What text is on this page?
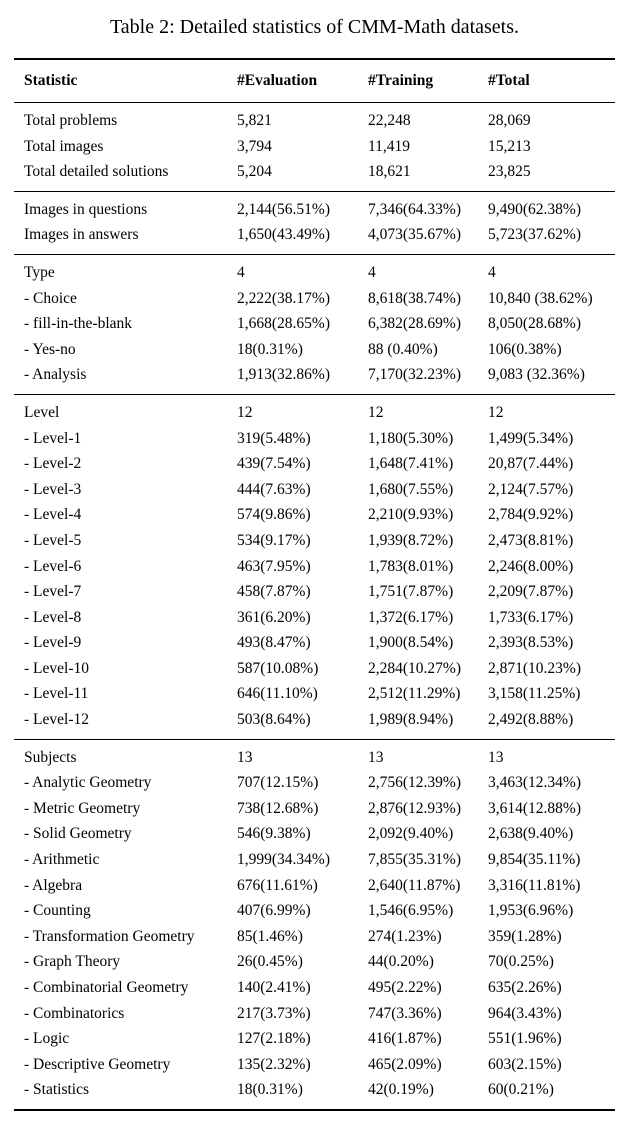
Table 2: Detailed statistics of CMM-Math datasets.
Statistic	#Evaluation	#Training	#Total
Total problems	5,821	22,248	28,069
Total images	3,794	11,419	15,213
Total detailed solutions	5,204	18,621	23,825
Images in questions	2,144(56.51%)	7,346(64.33%)	9,490(62.38%)
Images in answers	1,650(43.49%)	4,073(35.67%)	5,723(37.62%)
Type	4	4	4
- Choice	2,222(38.17%)	8,618(38.74%)	10,840 (38.62%)
- fill-in-the-blank	1,668(28.65%)	6,382(28.69%)	8,050(28.68%)
- Yes-no	18(0.31%)	88 (0.40%)	106(0.38%)
- Analysis	1,913(32.86%)	7,170(32.23%)	9,083 (32.36%)
Level	12	12	12
- Level-1	319(5.48%)	1,180(5.30%)	1,499(5.34%)
- Level-2	439(7.54%)	1,648(7.41%)	20,87(7.44%)
- Level-3	444(7.63%)	1,680(7.55%)	2,124(7.57%)
- Level-4	574(9.86%)	2,210(9.93%)	2,784(9.92%)
- Level-5	534(9.17%)	1,939(8.72%)	2,473(8.81%)
- Level-6	463(7.95%)	1,783(8.01%)	2,246(8.00%)
- Level-7	458(7.87%)	1,751(7.87%)	2,209(7.87%)
- Level-8	361(6.20%)	1,372(6.17%)	1,733(6.17%)
- Level-9	493(8.47%)	1,900(8.54%)	2,393(8.53%)
- Level-10	587(10.08%)	2,284(10.27%)	2,871(10.23%)
- Level-11	646(11.10%)	2,512(11.29%)	3,158(11.25%)
- Level-12	503(8.64%)	1,989(8.94%)	2,492(8.88%)
Subjects	13	13	13
- Analytic Geometry	707(12.15%)	2,756(12.39%)	3,463(12.34%)
- Metric Geometry	738(12.68%)	2,876(12.93%)	3,614(12.88%)
- Solid Geometry	546(9.38%)	2,092(9.40%)	2,638(9.40%)
- Arithmetic	1,999(34.34%)	7,855(35.31%)	9,854(35.11%)
- Algebra	676(11.61%)	2,640(11.87%)	3,316(11.81%)
- Counting	407(6.99%)	1,546(6.95%)	1,953(6.96%)
- Transformation Geometry	85(1.46%)	274(1.23%)	359(1.28%)
- Graph Theory	26(0.45%)	44(0.20%)	70(0.25%)
- Combinatorial Geometry	140(2.41%)	495(2.22%)	635(2.26%)
- Combinatorics	217(3.73%)	747(3.36%)	964(3.43%)
- Logic	127(2.18%)	416(1.87%)	551(1.96%)
- Descriptive Geometry	135(2.32%)	465(2.09%)	603(2.15%)
- Statistics	18(0.31%)	42(0.19%)	60(0.21%)
